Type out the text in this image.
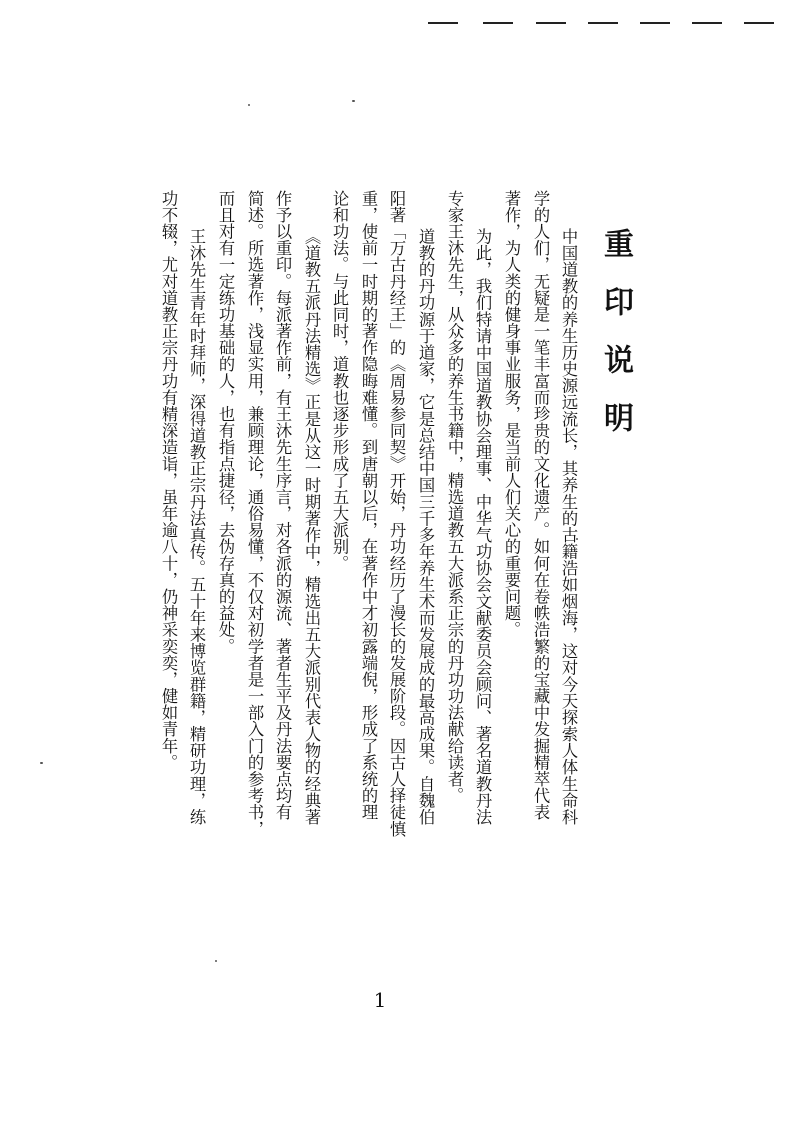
重印说明
中国道教的养生历史源远流长，其养生的古籍浩如烟海，这对今天探索人体生命科
学的人们，无疑是一笔丰富而珍贵的文化遗产。如何在卷帙浩繁的宝藏中发掘精萃代表
著作，为人类的健身事业服务，是当前人们关心的重要问题。
为此，我们特请中国道教协会理事、中华气功协会文献委员会顾问、著名道教丹法
专家王沐先生，从众多的养生书籍中，精选道教五大派系正宗的丹功功法献给读者。
道教的丹功源于道家，它是总结中国三千多年养生术而发展成的最高成果。自魏伯
阳著「万古丹经王」的《周易参同契》开始，丹功经历了漫长的发展阶段。因古人择徒慎
重，使前一时期的著作隐晦难懂。到唐朝以后，在著作中才初露端倪，形成了系统的理
论和功法。与此同时，道教也逐步形成了五大派别。
《道教五派丹法精选》正是从这一时期著作中，精选出五大派别代表人物的经典著
作予以重印。每派著作前，有王沐先生序言，对各派的源流、著者生平及丹法要点均有
简述。所选著作，浅显实用，兼顾理论，通俗易懂，不仅对初学者是一部入门的参考书，
而且对有一定练功基础的人，也有指点捷径，去伪存真的益处。
王沐先生青年时拜师，深得道教正宗丹法真传。五十年来博览群籍，精研功理，练
功不辍，尤对道教正宗丹功有精深造诣，虽年逾八十，仍神采奕奕，健如青年。
1
